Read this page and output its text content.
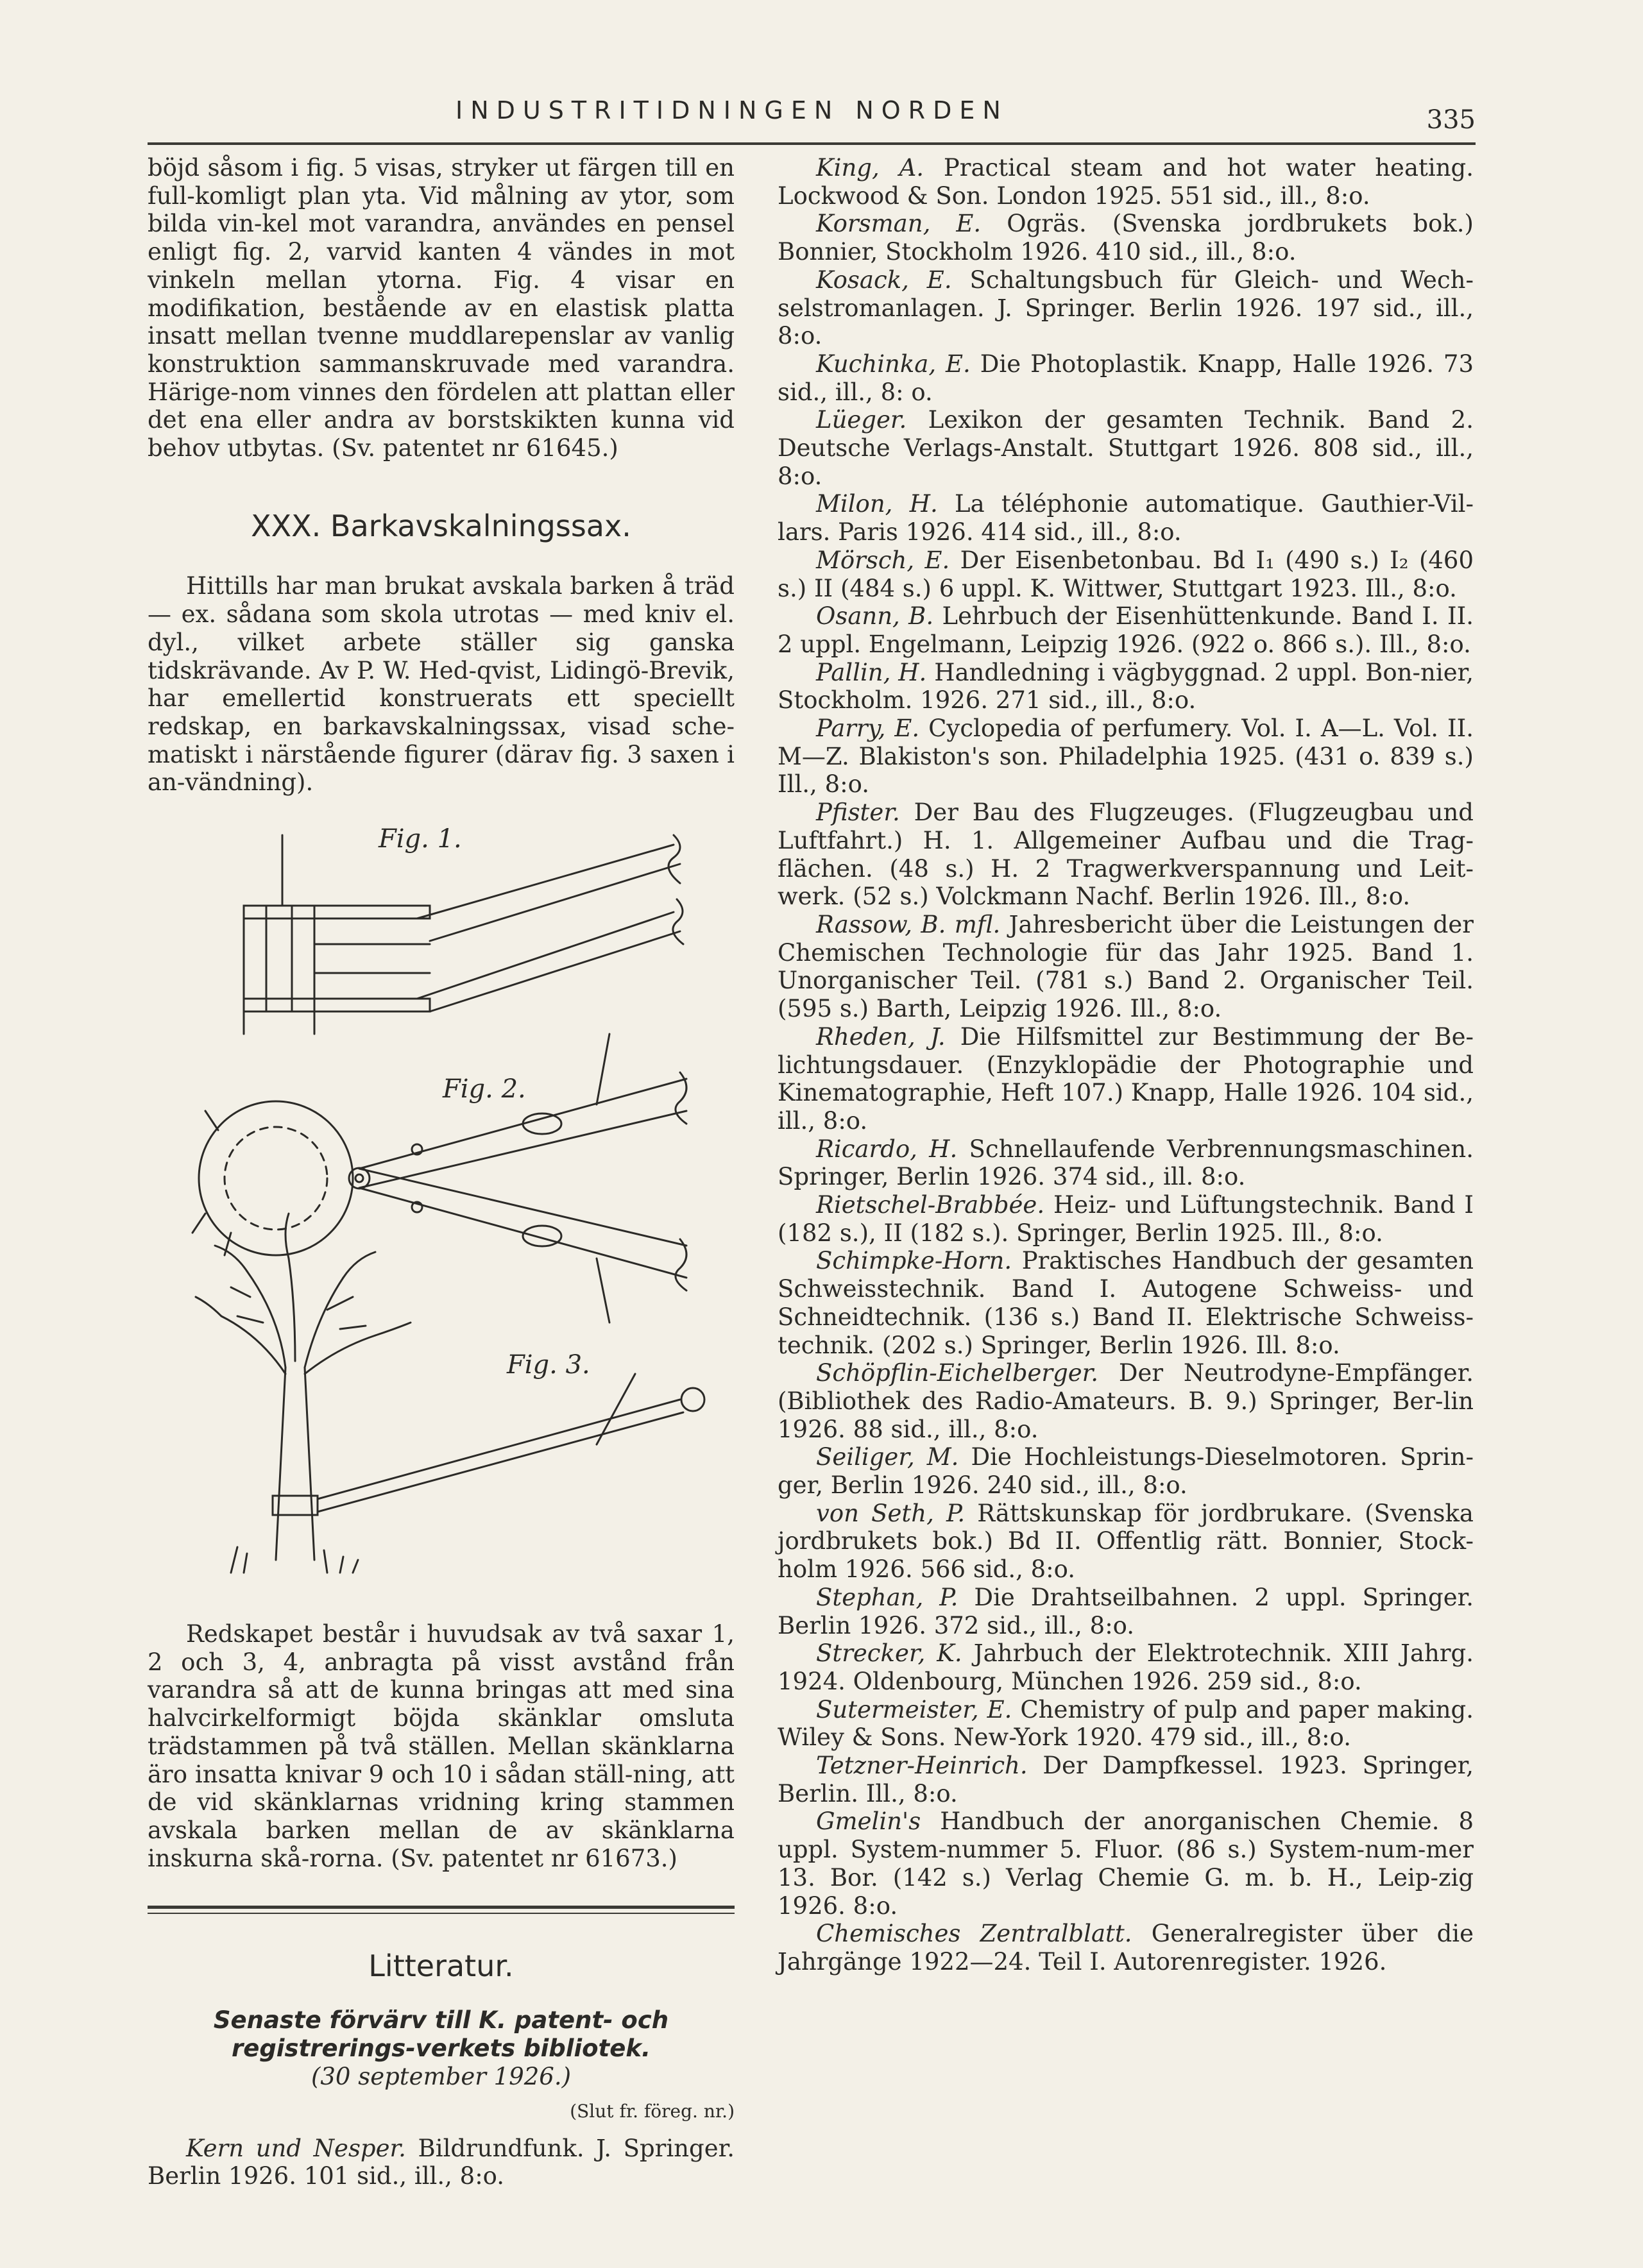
INDUSTRITIDNINGEN NORDEN	335

böjd såsom i fig. 5 visas, stryker ut färgen till en full-komligt plan yta. Vid målning av ytor, som bilda vin-kel mot varandra, användes en pensel enligt fig. 2, varvid kanten 4 vändes in mot vinkeln mellan ytorna. Fig. 4 visar en modifikation, bestående av en elastisk platta insatt mellan tvenne muddlarepenslar av vanlig konstruktion sammanskruvade med varandra. Härige-nom vinnes den fördelen att plattan eller det ena eller andra av borstskikten kunna vid behov utbytas. (Sv. patentet nr 61645.)

XXX. Barkavskalningssax.

Hittills har man brukat avskala barken å träd — ex. sådana som skola utrotas — med kniv el. dyl., vilket arbete ställer sig ganska tidskrävande. Av P. W. Hed-qvist, Lidingö-Brevik, har emellertid konstruerats ett speciellt redskap, en barkavskalningssax, visad sche-matiskt i närstående figurer (därav fig. 3 saxen i an-vändning).

Fig. 1.
Fig. 2.
Fig. 3.

Redskapet består i huvudsak av två saxar 1, 2 och 3, 4, anbragta på visst avstånd från varandra så att de kunna bringas att med sina halvcirkelformigt böjda skänklar omsluta trädstammen på två ställen. Mellan skänklarna äro insatta knivar 9 och 10 i sådan ställ-ning, att de vid skänklarnas vridning kring stammen avskala barken mellan de av skänklarna inskurna skå-rorna. (Sv. patentet nr 61673.)

Litteratur.
Senaste förvärv till K. patent- och registrerings-verkets bibliotek.
(30 september 1926.)
(Slut fr. föreg. nr.)

Kern und Nesper. Bildrundfunk. J. Springer. Berlin 1926. 101 sid., ill., 8:o.

King, A. Practical steam and hot water heating. Lockwood & Son. London 1925. 551 sid., ill., 8:o.

Korsman, E. Ogräs. (Svenska jordbrukets bok.) Bonnier, Stockholm 1926. 410 sid., ill., 8:o.

Kosack, E. Schaltungsbuch für Gleich- und Wech-selstromanlagen. J. Springer. Berlin 1926. 197 sid., ill., 8:o.

Kuchinka, E. Die Photoplastik. Knapp, Halle 1926. 73 sid., ill., 8: o.

Lüeger. Lexikon der gesamten Technik. Band 2. Deutsche Verlags-Anstalt. Stuttgart 1926. 808 sid., ill., 8:o.

Milon, H. La téléphonie automatique. Gauthier-Vil-lars. Paris 1926. 414 sid., ill., 8:o.

Mörsch, E. Der Eisenbetonbau. Bd I₁ (490 s.) I₂ (460 s.) II (484 s.) 6 uppl. K. Wittwer, Stuttgart 1923. Ill., 8:o.

Osann, B. Lehrbuch der Eisenhüttenkunde. Band I. II. 2 uppl. Engelmann, Leipzig 1926. (922 o. 866 s.). Ill., 8:o.

Pallin, H. Handledning i vägbyggnad. 2 uppl. Bon-nier, Stockholm. 1926. 271 sid., ill., 8:o.

Parry, E. Cyclopedia of perfumery. Vol. I. A—L. Vol. II. M—Z. Blakiston's son. Philadelphia 1925. (431 o. 839 s.) Ill., 8:o.

Pfister. Der Bau des Flugzeuges. (Flugzeugbau und Luftfahrt.) H. 1. Allgemeiner Aufbau und die Trag-flächen. (48 s.) H. 2 Tragwerkverspannung und Leit-werk. (52 s.) Volckmann Nachf. Berlin 1926. Ill., 8:o.

Rassow, B. mfl. Jahresbericht über die Leistungen der Chemischen Technologie für das Jahr 1925. Band 1. Unorganischer Teil. (781 s.) Band 2. Organischer Teil. (595 s.) Barth, Leipzig 1926. Ill., 8:o.

Rheden, J. Die Hilfsmittel zur Bestimmung der Be-lichtungsdauer. (Enzyklopädie der Photographie und Kinematographie, Heft 107.) Knapp, Halle 1926. 104 sid., ill., 8:o.

Ricardo, H. Schnellaufende Verbrennungsmaschinen. Springer, Berlin 1926. 374 sid., ill. 8:o.

Rietschel-Brabbée. Heiz- und Lüftungstechnik. Band I (182 s.), II (182 s.). Springer, Berlin 1925. Ill., 8:o.

Schimpke-Horn. Praktisches Handbuch der gesamten Schweisstechnik. Band I. Autogene Schweiss- und Schneidtechnik. (136 s.) Band II. Elektrische Schweiss-technik. (202 s.) Springer, Berlin 1926. Ill. 8:o.

Schöpflin-Eichelberger. Der Neutrodyne-Empfänger. (Bibliothek des Radio-Amateurs. B. 9.) Springer, Ber-lin 1926. 88 sid., ill., 8:o.

Seiliger, M. Die Hochleistungs-Dieselmotoren. Sprin-ger, Berlin 1926. 240 sid., ill., 8:o.

von Seth, P. Rättskunskap för jordbrukare. (Svenska jordbrukets bok.) Bd II. Offentlig rätt. Bonnier, Stock-holm 1926. 566 sid., 8:o.

Stephan, P. Die Drahtseilbahnen. 2 uppl. Springer. Berlin 1926. 372 sid., ill., 8:o.

Strecker, K. Jahrbuch der Elektrotechnik. XIII Jahrg. 1924. Oldenbourg, München 1926. 259 sid., 8:o.

Sutermeister, E. Chemistry of pulp and paper making. Wiley & Sons. New-York 1920. 479 sid., ill., 8:o.

Tetzner-Heinrich. Der Dampfkessel. 1923. Springer, Berlin. Ill., 8:o.

Gmelin's Handbuch der anorganischen Chemie. 8 uppl. System-nummer 5. Fluor. (86 s.) System-num-mer 13. Bor. (142 s.) Verlag Chemie G. m. b. H., Leip-zig 1926. 8:o.

Chemisches Zentralblatt. Generalregister über die Jahrgänge 1922—24. Teil I. Autorenregister. 1926.
